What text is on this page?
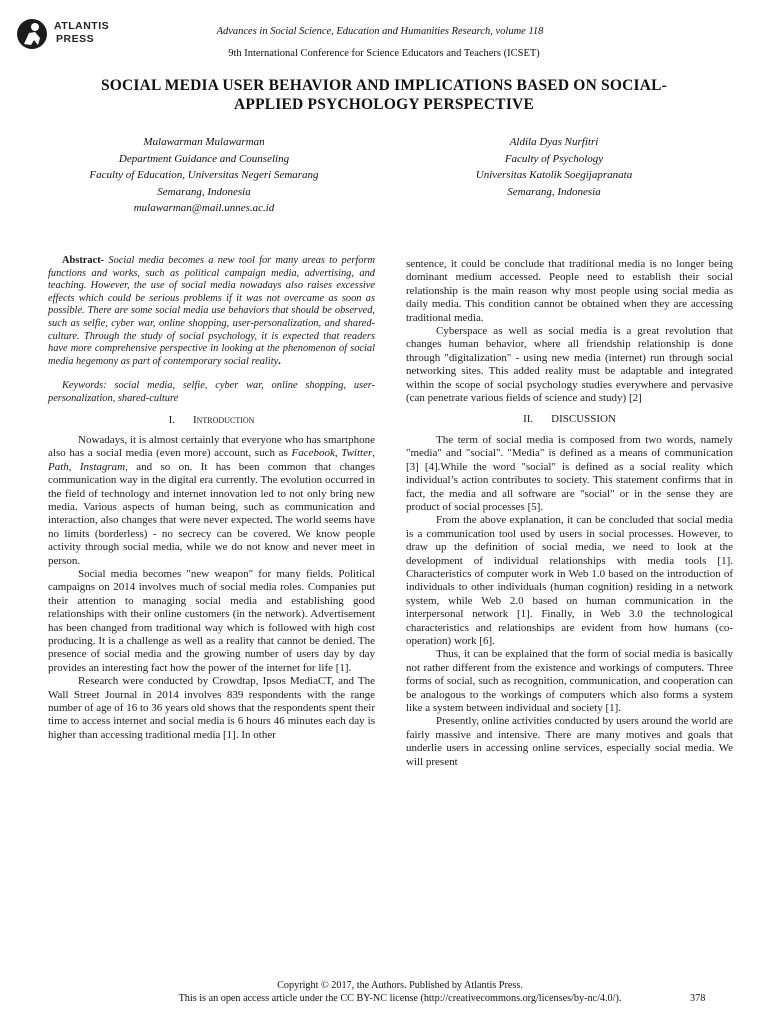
ATLANTIS
PRESS
Advances in Social Science, Education and Humanities Research, volume 118
9th International Conference for Science Educators and Teachers (ICSET)
SOCIAL MEDIA USER BEHAVIOR AND IMPLICATIONS BASED ON SOCIAL-
APPLIED PSYCHOLOGY PERSPECTIVE
Mulawarman Mulawarman
Department Guidance and Counseling
Faculty of Education, Universitas Negeri Semarang
Semarang, Indonesia
mulawarman@mail.unnes.ac.id
Aldila Dyas Nurfitri
Faculty of Psychology
Universitas Katolik Soegijapranata
Semarang, Indonesia

Abstract- Social media becomes a new tool for many areas to perform functions and works, such as political campaign media, advertising, and teaching. However, the use of social media nowadays also raises excessive effects which could be serious problems if it was not overcame as soon as possible. There are some social media use behaviors that should be observed, such as selfie, cyber war, online shopping, user-personalization, and shared-culture. Through the study of social psychology, it is expected that readers have more comprehensive perspective in looking at the phenomenon of social media hegemony as part of contemporary social reality.

Keywords: social media, selfie, cyber war, online shopping, user-personalization, shared-culture

I. Introduction

Nowadays, it is almost certainly that everyone who has smartphone also has a social media (even more) account, such as Facebook, Twitter, Path, Instagram, and so on. It has been common that changes communication way in the digital era currently. The evolution occurred in the field of technology and internet innovation led to not only bring new media. Various aspects of human being, such as communication and interaction, also changes that were never expected. The world seems have no limits (borderless) - no secrecy can be covered. We know people activity through social media, while we do not know and never meet in person.

Social media becomes "new weapon" for many fields. Political campaigns on 2014 involves much of social media roles. Companies put their attention to managing social media and establishing good relationships with their online customers (in the network). Advertisement has been changed from traditional way which is followed with high cost producing. It is a challenge as well as a reality that cannot be denied. The presence of social media and the growing number of users day by day provides an interesting fact how the power of the internet for life [1].

Research were conducted by Crowdtap, Ipsos MediaCT, and The Wall Street Journal in 2014 involves 839 respondents with the range number of age of 16 to 36 years old shows that the respondents spent their time to access internet and social media is 6 hours 46 minutes each day is higher than accessing traditional media [1]. In other

sentence, it could be conclude that traditional media is no longer being dominant medium accessed. People need to establish their social relationship is the main reason why most people using social media as daily media. This condition cannot be obtained when they are accessing traditional media.

Cyberspace as well as social media is a great revolution that changes human behavior, where all friendship relationship is done through "digitalization" - using new media (internet) run through social networking sites. This added reality must be adaptable and integrated within the scope of social psychology studies everywhere and pervasive (can penetrate various fields of science and study) [2]

II. DISCUSSION

The term of social media is composed from two words, namely "media" and "social". "Media" is defined as a means of communication [3] [4].While the word "social" is defined as a social reality which individual’s action contributes to society. This statement confirms that in fact, the media and all software are "social" or in the sense they are product of social processes [5].

From the above explanation, it can be concluded that social media is a communication tool used by users in social processes. However, to draw up the definition of social media, we need to look at the development of individual relationships with media tools [1]. Characteristics of computer work in Web 1.0 based on the introduction of individuals to other individuals (human cognition) residing in a network system, while Web 2.0 based on human communication in the interpersonal network [1]. Finally, in Web 3.0 the technological characteristics and relationships are evident from how humans (co-operation) work [6].

Thus, it can be explained that the form of social media is basically not rather different from the existence and workings of computers. Three forms of social, such as recognition, communication, and cooperation can be analogous to the workings of computers which also forms a system like a system between individual and society [1].

Presently, online activities conducted by users around the world are fairly massive and intensive. There are many motives and goals that underlie users in accessing online services, especially social media. We will present

Copyright © 2017, the Authors. Published by Atlantis Press.
This is an open access article under the CC BY-NC license (http://creativecommons.org/licenses/by-nc/4.0/).	378
